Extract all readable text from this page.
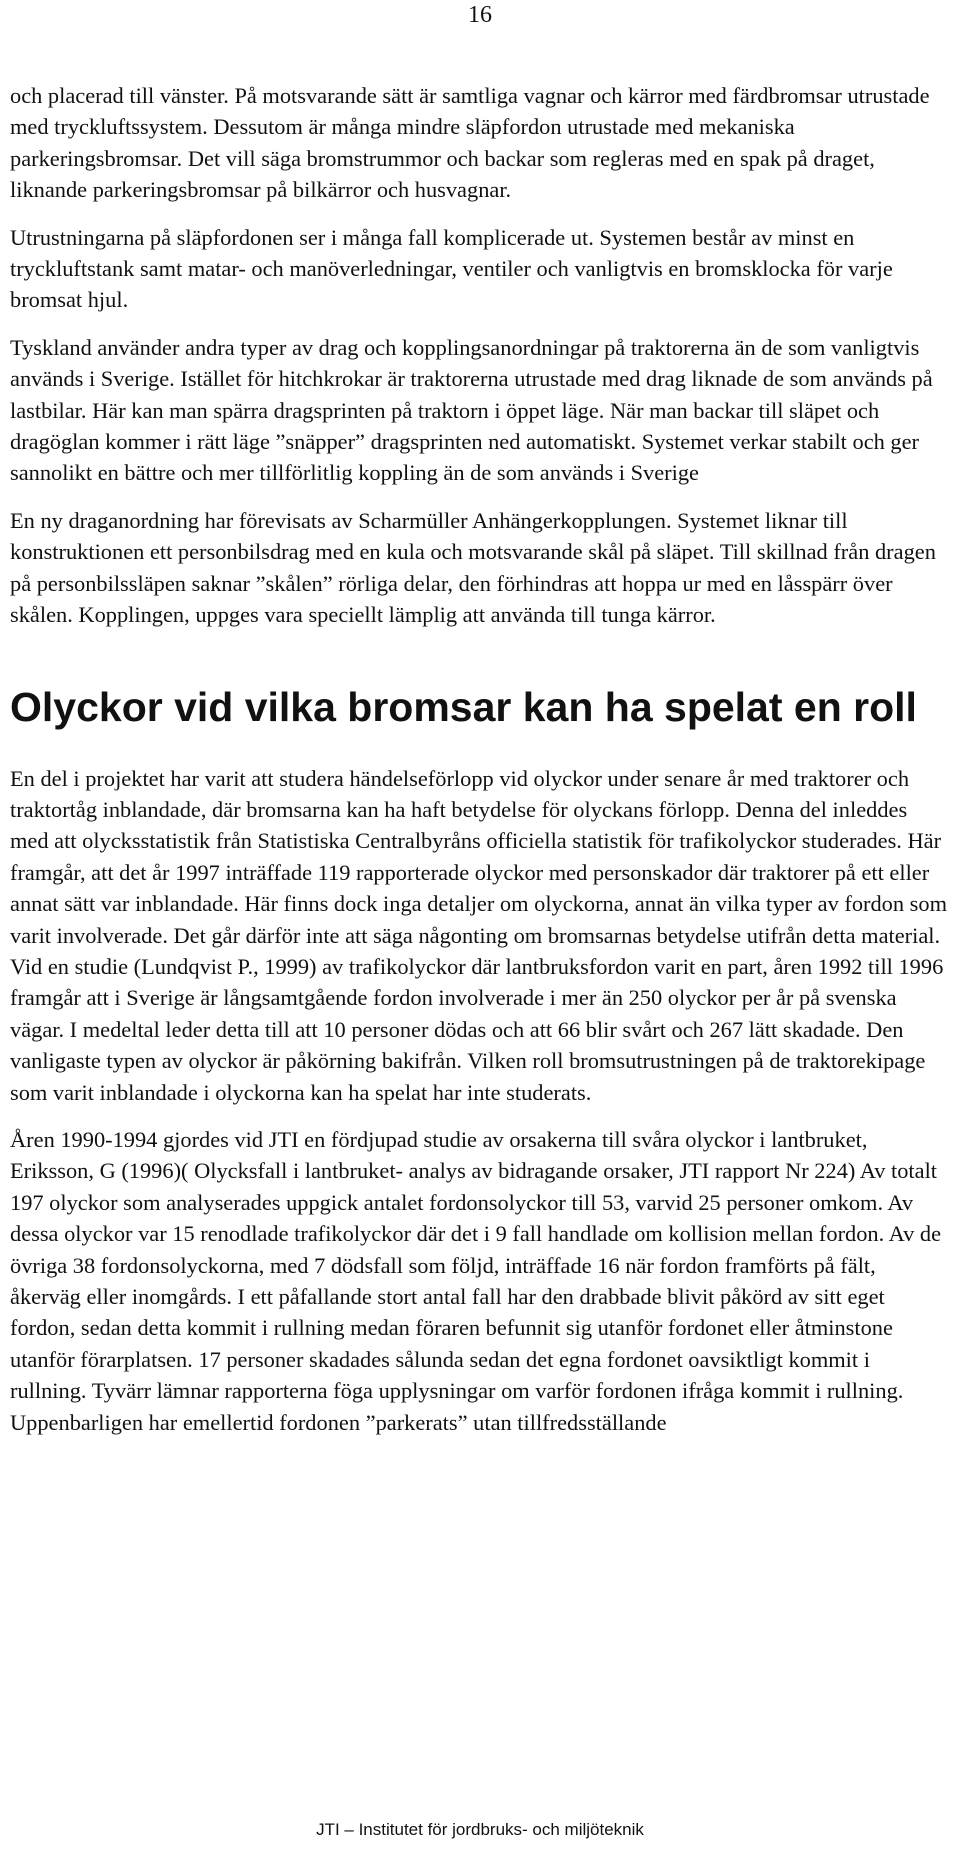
16

och placerad till vänster. På motsvarande sätt är samtliga vagnar och kärror med färdbromsar utrustade med tryckluftssystem. Dessutom är många mindre släpfordon utrustade med mekaniska parkeringsbromsar. Det vill säga bromstrummor och backar som regleras med en spak på draget, liknande parkeringsbromsar på bilkärror och husvagnar.

Utrustningarna på släpfordonen ser i många fall komplicerade ut. Systemen består av minst en tryckluftstank samt matar- och manöverledningar, ventiler och vanligtvis en bromsklocka för varje bromsat hjul.

Tyskland använder andra typer av drag och kopplingsanordningar på traktorerna än de som vanligtvis används i Sverige. Istället för hitchkrokar är traktorerna utrustade med drag liknade de som används på lastbilar. Här kan man spärra dragsprinten på traktorn i öppet läge. När man backar till släpet och dragöglan kommer i rätt läge ”snäpper” dragsprinten ned automatiskt. Systemet verkar stabilt och ger sannolikt en bättre och mer tillförlitlig koppling än de som används i Sverige

En ny draganordning har förevisats av Scharmüller Anhängerkopplungen. Systemet liknar till konstruktionen ett personbilsdrag med en kula och motsvarande skål på släpet. Till skillnad från dragen på personbilssläpen saknar ”skålen” rörliga delar, den förhindras att hoppa ur med en låsspärr över skålen. Kopplingen, uppges vara speciellt lämplig att använda till tunga kärror.

Olyckor vid vilka bromsar kan ha spelat en roll

En del i projektet har varit att studera händelseförlopp vid olyckor under senare år med traktorer och traktortåg inblandade, där bromsarna kan ha haft betydelse för olyckans förlopp. Denna del inleddes med att olycksstatistik från Statistiska Centralbyråns officiella statistik för trafikolyckor studerades. Här framgår, att det år 1997 inträffade 119 rapporterade olyckor med personskador där traktorer på ett eller annat sätt var inblandade. Här finns dock inga detaljer om olyckorna, annat än vilka typer av fordon som varit involverade. Det går därför inte att säga någonting om bromsarnas betydelse utifrån detta material. Vid en studie (Lundqvist P., 1999) av trafikolyckor där lantbruksfordon varit en part, åren 1992 till 1996 framgår att i Sverige är långsamtgående fordon involverade i mer än 250 olyckor per år på svenska vägar. I medeltal leder detta till att 10 personer dödas och att 66 blir svårt och 267 lätt skadade. Den vanligaste typen av olyckor är påkörning bakifrån. Vilken roll bromsutrustningen på de traktorekipage som varit inblandade i olyckorna kan ha spelat har inte studerats.

Åren 1990-1994 gjordes vid JTI en fördjupad studie av orsakerna till svåra olyckor i lantbruket, Eriksson, G (1996)( Olycksfall i lantbruket- analys av bidragande orsaker, JTI rapport Nr 224) Av totalt 197 olyckor som analyserades uppgick antalet fordonsolyckor till 53, varvid 25 personer omkom. Av dessa olyckor var 15 renodlade trafikolyckor där det i 9 fall handlade om kollision mellan fordon. Av de övriga 38 fordonsolyckorna, med 7 dödsfall som följd, inträffade 16 när fordon framförts på fält, åkerväg eller inomgårds. I ett påfallande stort antal fall har den drabbade blivit påkörd av sitt eget fordon, sedan detta kommit i rullning medan föraren befunnit sig utanför fordonet eller åtminstone utanför förarplatsen. 17 personer skadades sålunda sedan det egna fordonet oavsiktligt kommit i rullning. Tyvärr lämnar rapporterna föga upplysningar om varför fordonen ifråga kommit i rullning. Uppenbarligen har emellertid fordonen ”parkerats” utan tillfredsställande

JTI – Institutet för jordbruks- och miljöteknik
